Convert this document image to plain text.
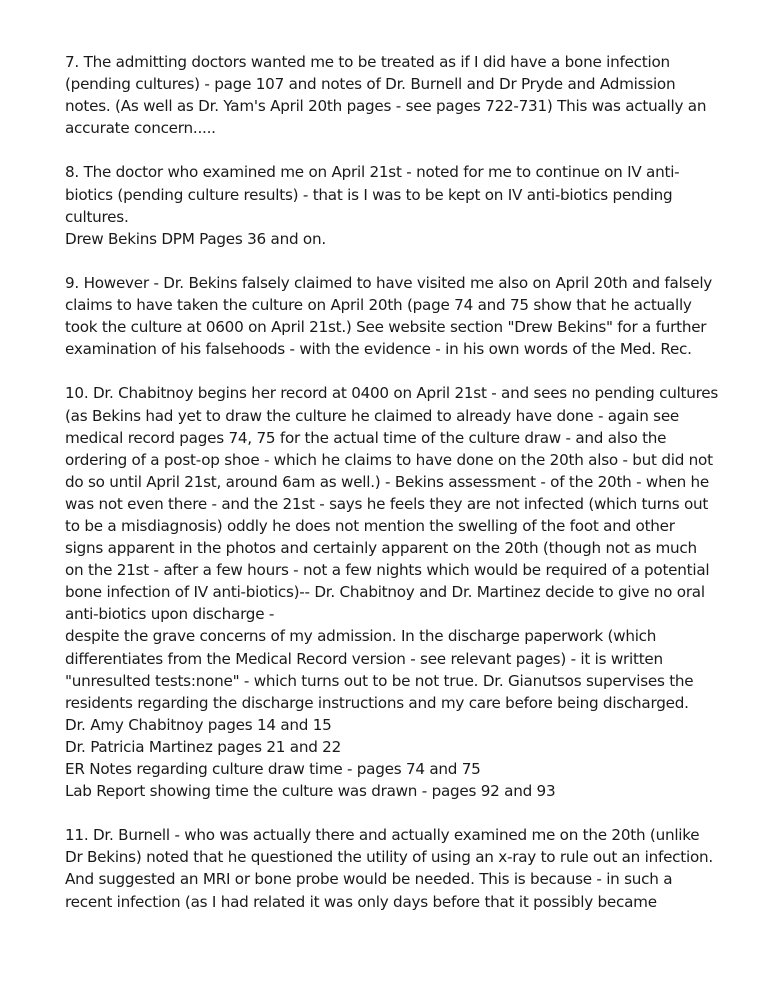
7. The admitting doctors wanted me to be treated as if I did have a bone infection
(pending cultures) - page 107 and notes of Dr. Burnell and Dr Pryde and Admission
notes. (As well as Dr. Yam's April 20th pages - see pages 722-731) This was actually an
accurate concern.....
8. The doctor who examined me on April 21st - noted for me to continue on IV anti-
biotics (pending culture results) - that is I was to be kept on IV anti-biotics pending
cultures.
Drew Bekins DPM Pages 36 and on.
9. However - Dr. Bekins falsely claimed to have visited me also on April 20th and falsely
claims to have taken the culture on April 20th (page 74 and 75 show that he actually
took the culture at 0600 on April 21st.) See website section "Drew Bekins" for a further
examination of his falsehoods - with the evidence - in his own words of the Med. Rec.
10. Dr. Chabitnoy begins her record at 0400 on April 21st - and sees no pending cultures
(as Bekins had yet to draw the culture he claimed to already have done - again see
medical record pages 74, 75 for the actual time of the culture draw - and also the
ordering of a post-op shoe - which he claims to have done on the 20th also - but did not
do so until April 21st, around 6am as well.) - Bekins assessment - of the 20th - when he
was not even there - and the 21st - says he feels they are not infected (which turns out
to be a misdiagnosis) oddly he does not mention the swelling of the foot and other
signs apparent in the photos and certainly apparent on the 20th (though not as much
on the 21st - after a few hours - not a few nights which would be required of a potential
bone infection of IV anti-biotics)-- Dr. Chabitnoy and Dr. Martinez decide to give no oral
anti-biotics upon discharge -
despite the grave concerns of my admission. In the discharge paperwork (which
differentiates from the Medical Record version - see relevant pages) - it is written
"unresulted tests:none" - which turns out to be not true. Dr. Gianutsos supervises the
residents regarding the discharge instructions and my care before being discharged.
Dr. Amy Chabitnoy pages 14 and 15
Dr. Patricia Martinez pages 21 and 22
ER Notes regarding culture draw time - pages 74 and 75
Lab Report showing time the culture was drawn - pages 92 and 93
11. Dr. Burnell - who was actually there and actually examined me on the 20th (unlike
Dr Bekins) noted that he questioned the utility of using an x-ray to rule out an infection.
And suggested an MRI or bone probe would be needed. This is because - in such a
recent infection (as I had related it was only days before that it possibly became
